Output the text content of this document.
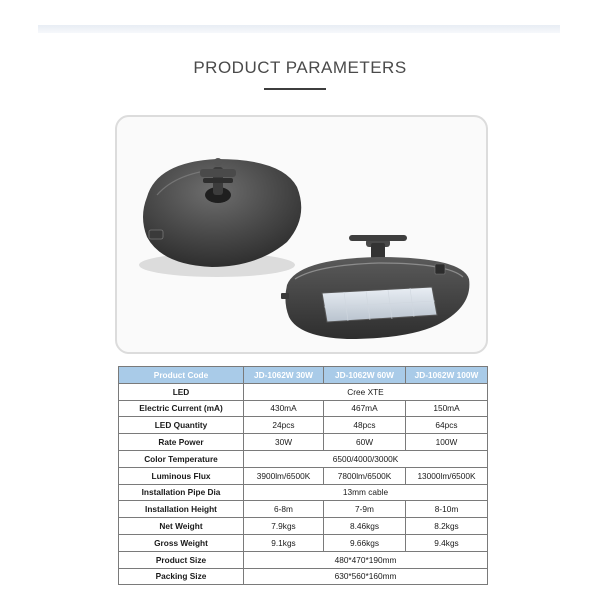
PRODUCT PARAMETERS
Product Code	JD-1062W 30W	JD-1062W 60W	JD-1062W 100W
LED	Cree XTE		
Electric Current (mA)	430mA	467mA	150mA
LED Quantity	24pcs	48pcs	64pcs
Rate Power	30W	60W	100W
Color Temperature	6500/4000/3000K		
Luminous Flux	3900lm/6500K	7800lm/6500K	13000lm/6500K
Installation Pipe Dia	13mm cable		
Installation Height	6-8m	7-9m	8-10m
Net Weight	7.9kgs	8.46kgs	8.2kgs
Gross Weight	9.1kgs	9.66kgs	9.4kgs
Product Size	480*470*190mm		
Packing Size	630*560*160mm		
